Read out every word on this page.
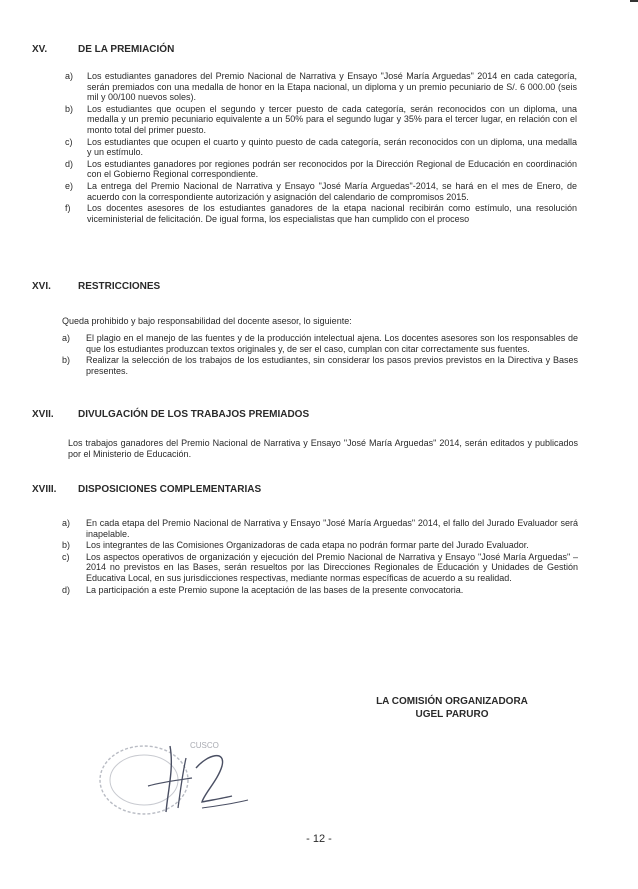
XV.	DE LA PREMIACIÓN
a) Los estudiantes ganadores del Premio Nacional de Narrativa y Ensayo "José María Arguedas" 2014 en cada categoría, serán premiados con una medalla de honor en la Etapa nacional, un diploma y un premio pecuniario de S/. 6 000.00 (seis mil y 00/100 nuevos soles).
b) Los estudiantes que ocupen el segundo y tercer puesto de cada categoría, serán reconocidos con un diploma, una medalla y un premio pecuniario equivalente a un 50% para el segundo lugar y 35% para el tercer lugar, en relación con el monto total del primer puesto.
c) Los estudiantes que ocupen el cuarto y quinto puesto de cada categoría, serán reconocidos con un diploma, una medalla y un estímulo.
d) Los estudiantes ganadores por regiones podrán ser reconocidos por la Dirección Regional de Educación en coordinación con el Gobierno Regional correspondiente.
e) La entrega del Premio Nacional de Narrativa y Ensayo "José María Arguedas"-2014, se hará en el mes de Enero, de acuerdo con la correspondiente autorización y asignación del calendario de compromisos 2015.
f) Los docentes asesores de los estudiantes ganadores de la etapa nacional recibirán como estímulo, una resolución viceministerial de felicitación. De igual forma, los especialistas que han cumplido con el proceso
XVI.	RESTRICCIONES

Queda prohibido y bajo responsabilidad del docente asesor, lo siguiente:

a) El plagio en el manejo de las fuentes y de la producción intelectual ajena. Los docentes asesores son los responsables de que los estudiantes produzcan textos originales y, de ser el caso, cumplan con citar correctamente sus fuentes.
b) Realizar la selección de los trabajos de los estudiantes, sin considerar los pasos previos previstos en la Directiva y Bases presentes.
XVII. DIVULGACIÓN DE LOS TRABAJOS PREMIADOS

Los trabajos ganadores del Premio Nacional de Narrativa y Ensayo "José María Arguedas" 2014, serán editados y publicados por el Ministerio de Educación.

XVIII. DISPOSICIONES COMPLEMENTARIAS
a) En cada etapa del Premio Nacional de Narrativa y Ensayo "José María Arguedas" 2014, el fallo del Jurado Evaluador será inapelable.
b) Los integrantes de las Comisiones Organizadoras de cada etapa no podrán formar parte del Jurado Evaluador.
c) Los aspectos operativos de organización y ejecución del Premio Nacional de Narrativa y Ensayo "José María Arguedas" – 2014 no previstos en las Bases, serán resueltos por las Direcciones Regionales de Educación y Unidades de Gestión Educativa Local, en sus jurisdicciones respectivas, mediante normas específicas de acuerdo a su realidad.
d) La participación a este Premio supone la aceptación de las bases de la presente convocatoria.
LA COMISIÓN ORGANIZADORA
UGEL PARURO
CUSCO
- 12 -
